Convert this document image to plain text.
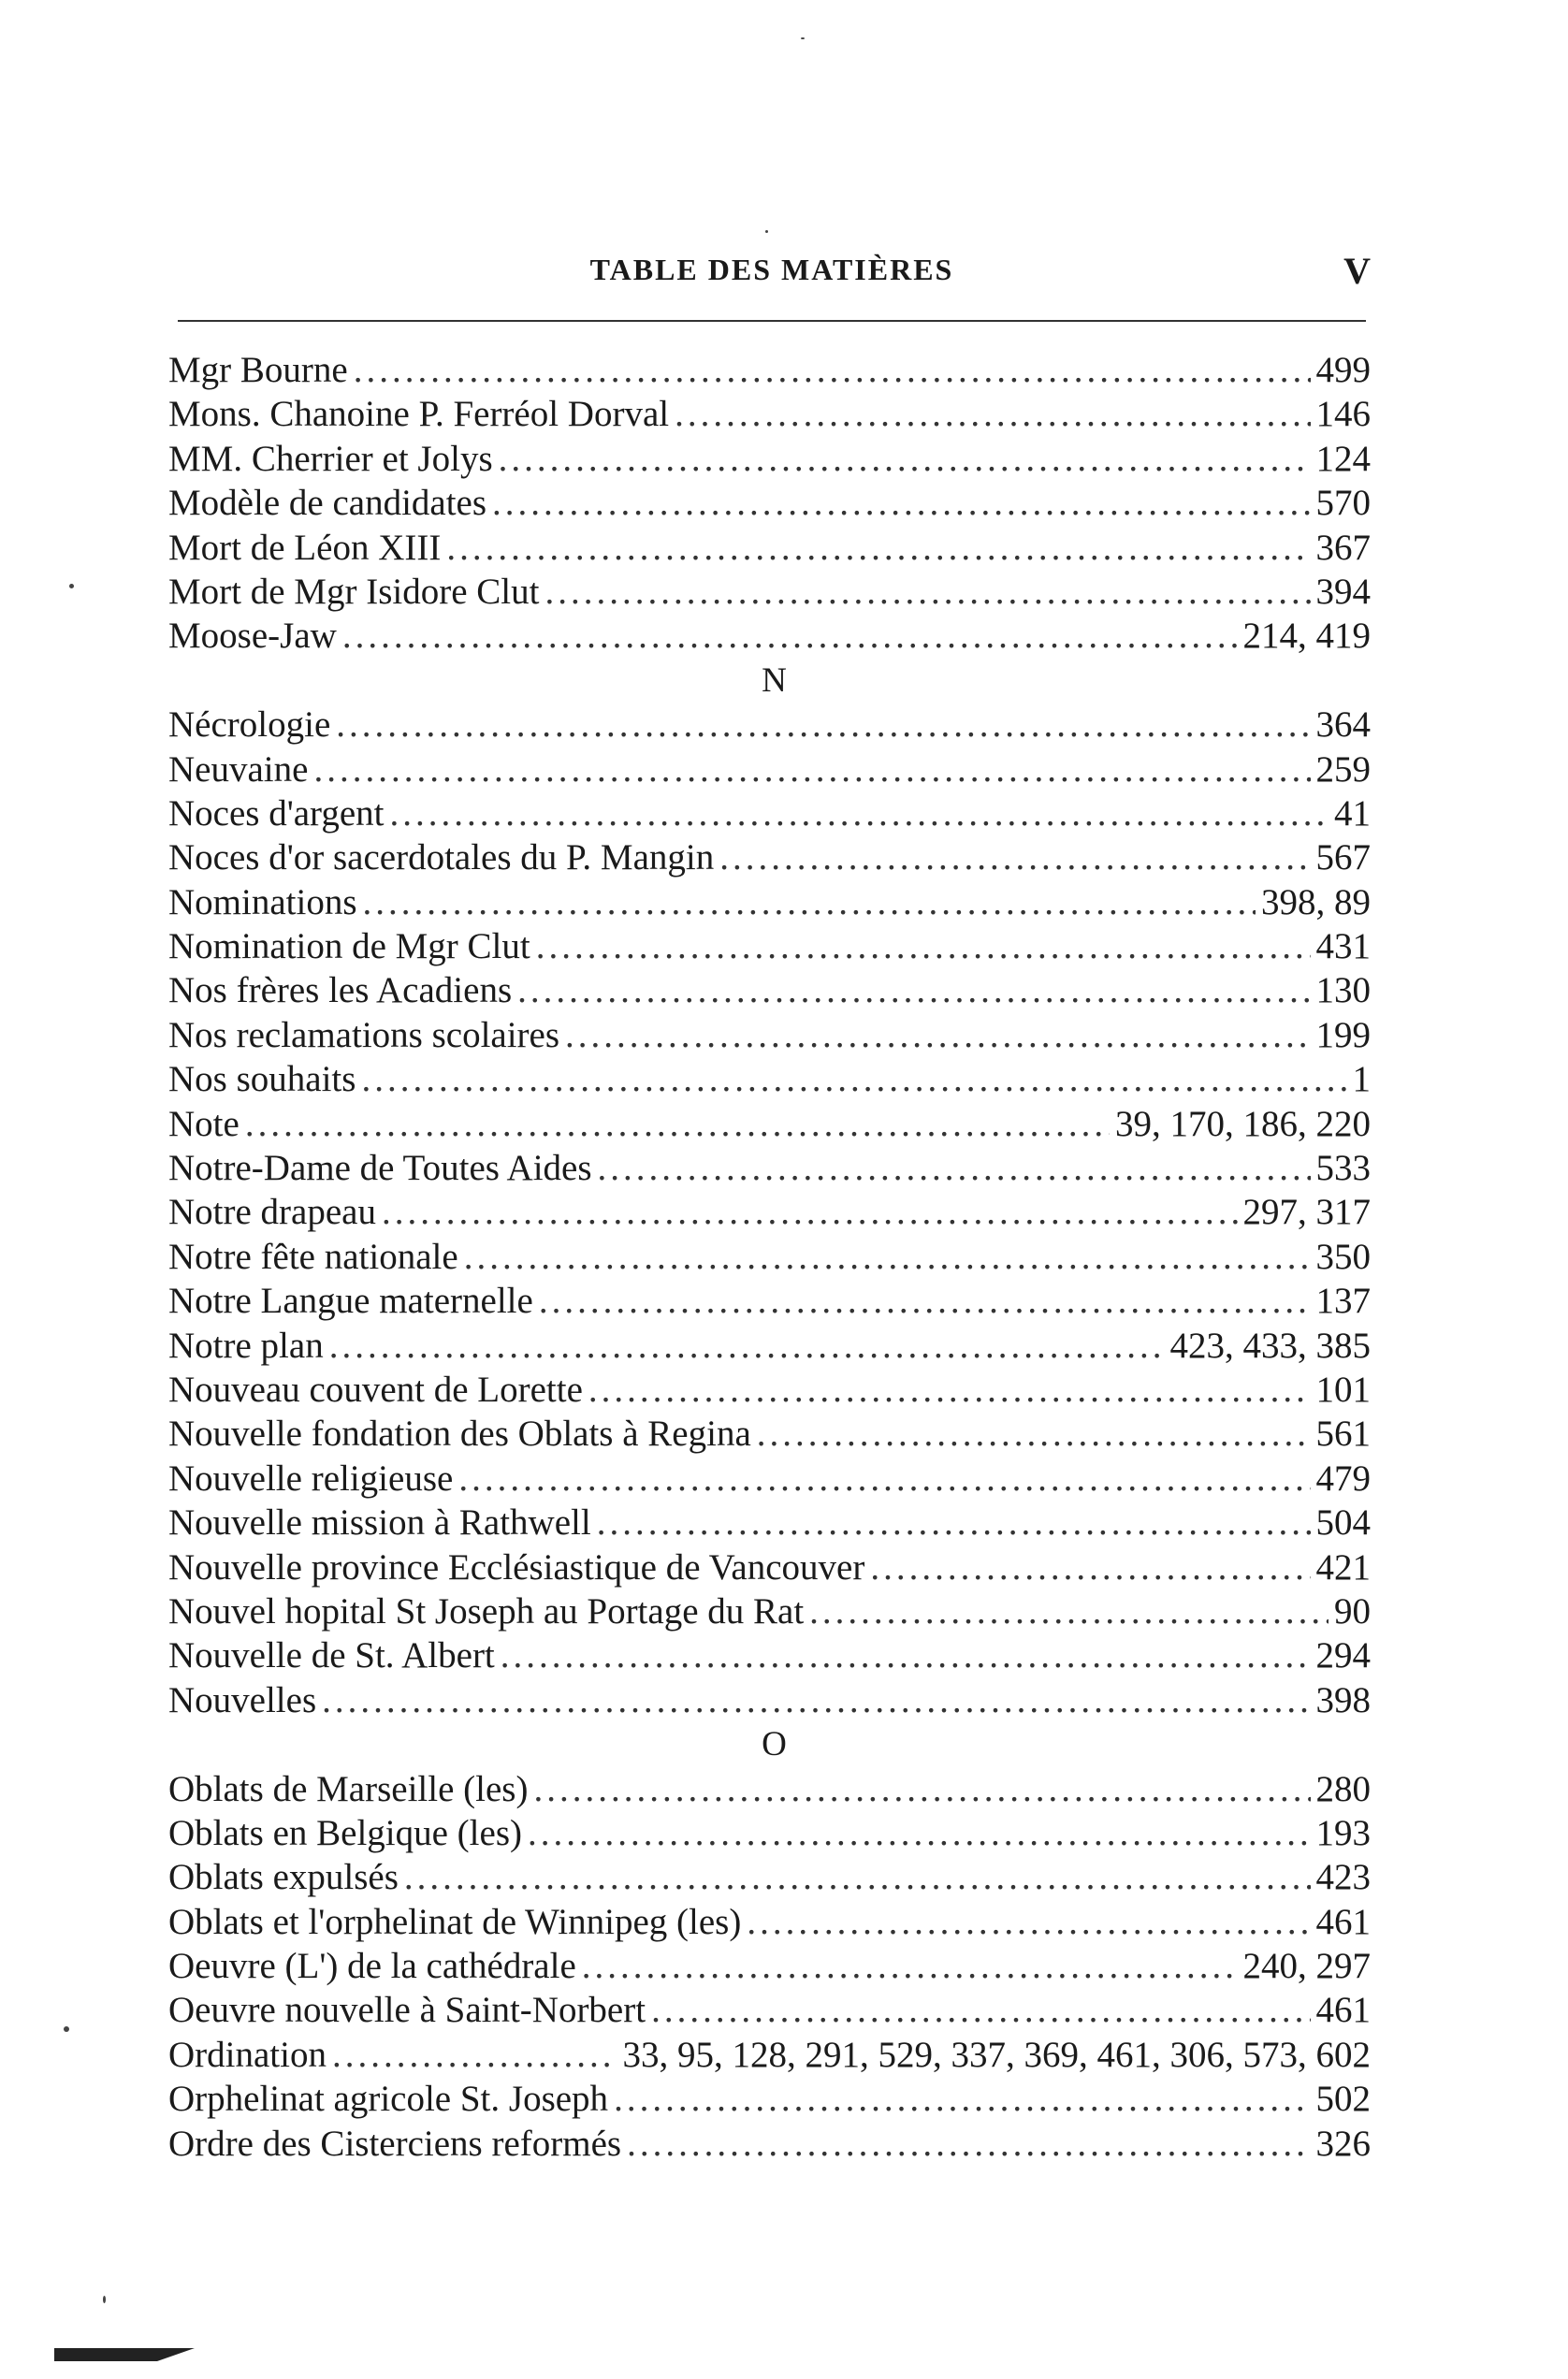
TABLE DES MATIÈRES	V
Mgr Bourne .....	499
Mons. Chanoine P. Ferréol Dorval .....	146
MM. Cherrier et Jolys .....	124
Modèle de candidates .....	570
Mort de Léon XIII .....	367
Mort de Mgr Isidore Clut .....	394
Moose-Jaw .....	214, 419
N
Nécrologie .....	364
Neuvaine .....	259
Noces d'argent .....	41
Noces d'or sacerdotales du P. Mangin .....	567
Nominations .....	398, 89
Nomination de Mgr Clut .....	431
Nos frères les Acadiens .....	130
Nos reclamations scolaires .....	199
Nos souhaits .....	1
Note .....	39, 170, 186, 220
Notre-Dame de Toutes Aides .....	533
Notre drapeau .....	297, 317
Notre fête nationale .....	350
Notre Langue maternelle .....	137
Notre plan .....	423, 433, 385
Nouveau couvent de Lorette .....	101
Nouvelle fondation des Oblats à Regina .....	561
Nouvelle religieuse .....	479
Nouvelle mission à Rathwell .....	504
Nouvelle province Ecclésiastique de Vancouver .....	421
Nouvel hopital St Joseph au Portage du Rat .....	90
Nouvelle de St. Albert .....	294
Nouvelles .....	398
O
Oblats de Marseille (les) .....	280
Oblats en Belgique (les) .....	193
Oblats expulsés .....	423
Oblats et l'orphelinat de Winnipeg (les) .....	461
Oeuvre (L') de la cathédrale .....	240, 297
Oeuvre nouvelle à Saint-Norbert .....	461
Ordination .....	33, 95, 128, 291, 529, 337, 369, 461, 306, 573, 602
Orphelinat agricole St. Joseph .....	502
Ordre des Cisterciens reformés .....	326
